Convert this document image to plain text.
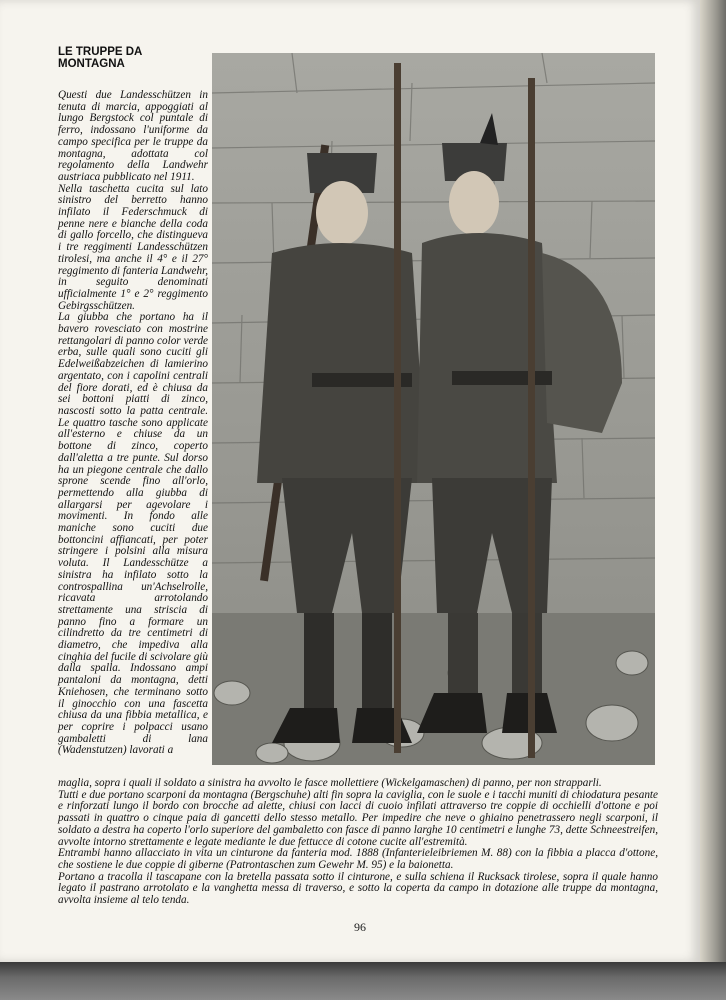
LE TRUPPE DA MONTAGNA

Questi due Landesschützen in tenuta di marcia, appoggiati al lungo Bergstock col puntale di ferro, indossano l'uniforme da campo specifica per le truppe da montagna, adottata col regolamento della Landwehr austriaca pubblicato nel 1911.

Nella taschetta cucita sul lato sinistro del berretto hanno infilato il Federschmuck di penne nere e bianche della coda di gallo forcello, che distingueva i tre reggimenti Landesschützen tirolesi, ma anche il 4° e il 27° reggimento di fanteria Landwehr, in seguito denominati ufficialmente 1° e 2° reggimento Gebirgsschützen.

La giubba che portano ha il bavero rovesciato con mostrine rettangolari di panno color verde erba, sulle quali sono cuciti gli Edelweißabzeichen di lamierino argentato, con i capolini centrali del fiore dorati, ed è chiusa da sei bottoni piatti di zinco, nascosti sotto la patta centrale. Le quattro tasche sono applicate all'esterno e chiuse da un bottone di zinco, coperto dall'aletta a tre punte. Sul dorso ha un piegone centrale che dallo sprone scende fino all'orlo, permettendo alla giubba di allargarsi per agevolare i movimenti. In fondo alle maniche sono cuciti due bottoncini affiancati, per poter stringere i polsini alla misura voluta. Il Landesschütze a sinistra ha infilato sotto la controspallina un'Achselrolle, ricavata arrotolando strettamente una striscia di panno fino a formare un cilindretto da tre centimetri di diametro, che impediva alla cinghia del fucile di scivolare giù dalla spalla. Indossano ampi pantaloni da montagna, detti Kniehosen, che terminano sotto il ginocchio con una fascetta chiusa da una fibbia metallica, e per coprire i polpacci usano gambaletti di lana (Wadenstutzen) lavorati a

maglia, sopra i quali il soldato a sinistra ha avvolto le fasce mollettiere (Wickelgamaschen) di panno, per non strapparli.

Tutti e due portano scarponi da montagna (Bergschuhe) alti fin sopra la caviglia, con le suole e i tacchi muniti di chiodatura pesante e rinforzati lungo il bordo con brocche ad alette, chiusi con lacci di cuoio infilati attraverso tre coppie di occhielli d'ottone e poi passati in quattro o cinque paia di gancetti dello stesso metallo. Per impedire che neve o ghiaino penetrassero negli scarponi, il soldato a destra ha coperto l'orlo superiore del gambaletto con fasce di panno larghe 10 centimetri e lunghe 73, dette Schneestreifen, avvolte intorno strettamente e legate mediante le due fettucce di cotone cucite all'estremità.

Entrambi hanno allacciato in vita un cinturone da fanteria mod. 1888 (Infanterieleibriemen M. 88) con la fibbia a placca d'ottone, che sostiene le due coppie di giberne (Patrontaschen zum Gewehr M. 95) e la baionetta.

Portano a tracolla il tascapane con la bretella passata sotto il cinturone, e sulla schiena il Rucksack tirolese, sopra il quale hanno legato il pastrano arrotolato e la vanghetta messa di traverso, e sotto la coperta da campo in dotazione alle truppe da montagna, avvolta insieme al telo tenda.

96
